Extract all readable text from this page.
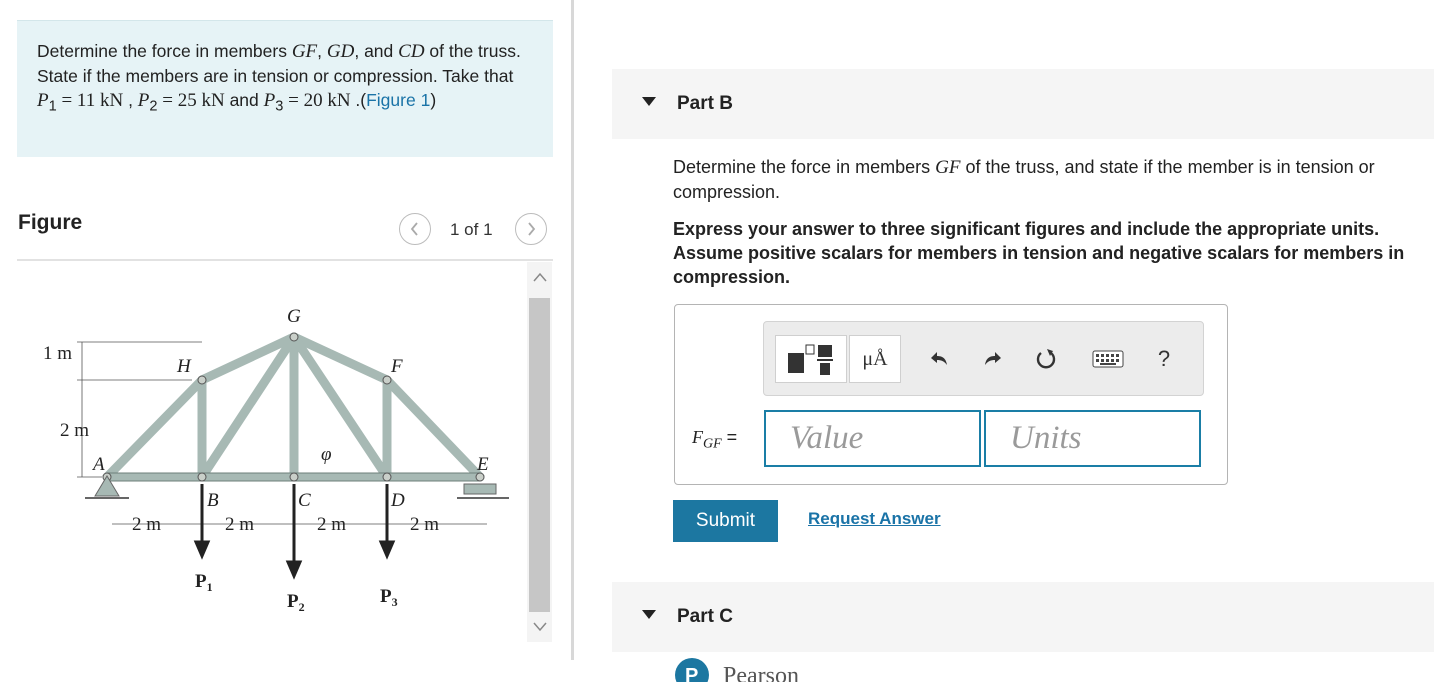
Determine the force in members GF, GD, and CD of the truss. State if the members are in tension or compression. Take that $P_1 = 11$ kN , $P_2 = 25$ kN and $P_3 = 20$ kN .(Figure 1)
Figure	1 of 1
1 m
2 m
G
H	F
A
B	C	D
E
φ
2 m	2 m	2 m	2 m
$P_1$
$P_2$	$P_3$
Part B
Determine the force in members GF of the truss, and state if the member is in tension or compression.
Express your answer to three significant figures and include the appropriate units. Assume positive scalars for members in tension and negative scalars for members in compression.
μÅ	?
$F_{GF}$ =
Value
Units
Submit	Request Answer
Part C
P Pearson
